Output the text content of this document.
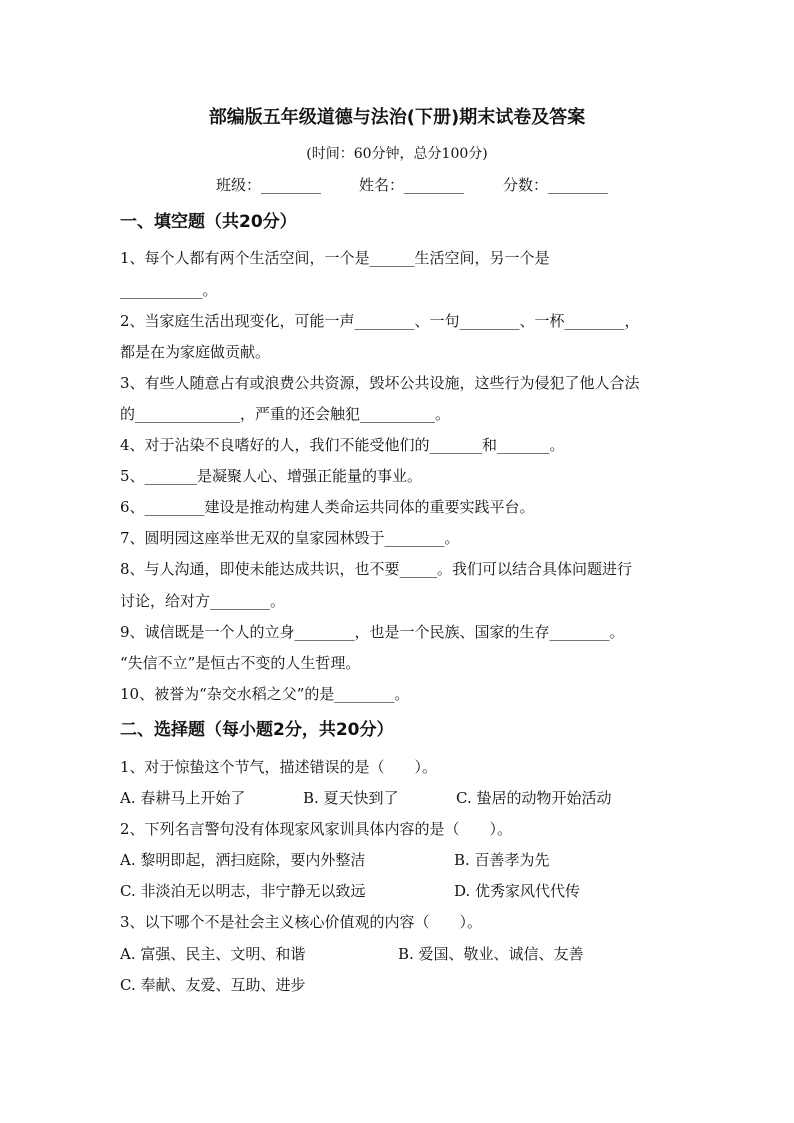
部编版五年级道德与法治(下册)期末试卷及答案
(时间：60分钟，总分100分)
班级：________	姓名：________	分数：________
一、填空题（共20分）
1、每个人都有两个生活空间，一个是______生活空间，另一个是
___________。
2、当家庭生活出现变化，可能一声________、一句________、一杯________，
都是在为家庭做贡献。
3、有些人随意占有或浪费公共资源，毁坏公共设施，这些行为侵犯了他人合法
的______________，严重的还会触犯__________。
4、对于沾染不良嗜好的人，我们不能受他们的_______和_______。
5、_______是凝聚人心、增强正能量的事业。
6、________建设是推动构建人类命运共同体的重要实践平台。
7、圆明园这座举世无双的皇家园林毁于________。
8、与人沟通，即使未能达成共识，也不要_____。我们可以结合具体问题进行
讨论，给对方________。
9、诚信既是一个人的立身________，也是一个民族、国家的生存________。
“失信不立”是恒古不变的人生哲理。
10、被誉为“杂交水稻之父”的是________。
二、选择题（每小题2分，共20分）
1、对于惊蛰这个节气，描述错误的是（　　）。
A. 春耕马上开始了	B. 夏天快到了	C. 蛰居的动物开始活动
2、下列名言警句没有体现家风家训具体内容的是（　　）。
A. 黎明即起，洒扫庭除，要内外整洁	B. 百善孝为先
C. 非淡泊无以明志，非宁静无以致远	D. 优秀家风代代传
3、以下哪个不是社会主义核心价值观的内容（　　）。
A. 富强、民主、文明、和谐	B. 爱国、敬业、诚信、友善
C. 奉献、友爱、互助、进步
